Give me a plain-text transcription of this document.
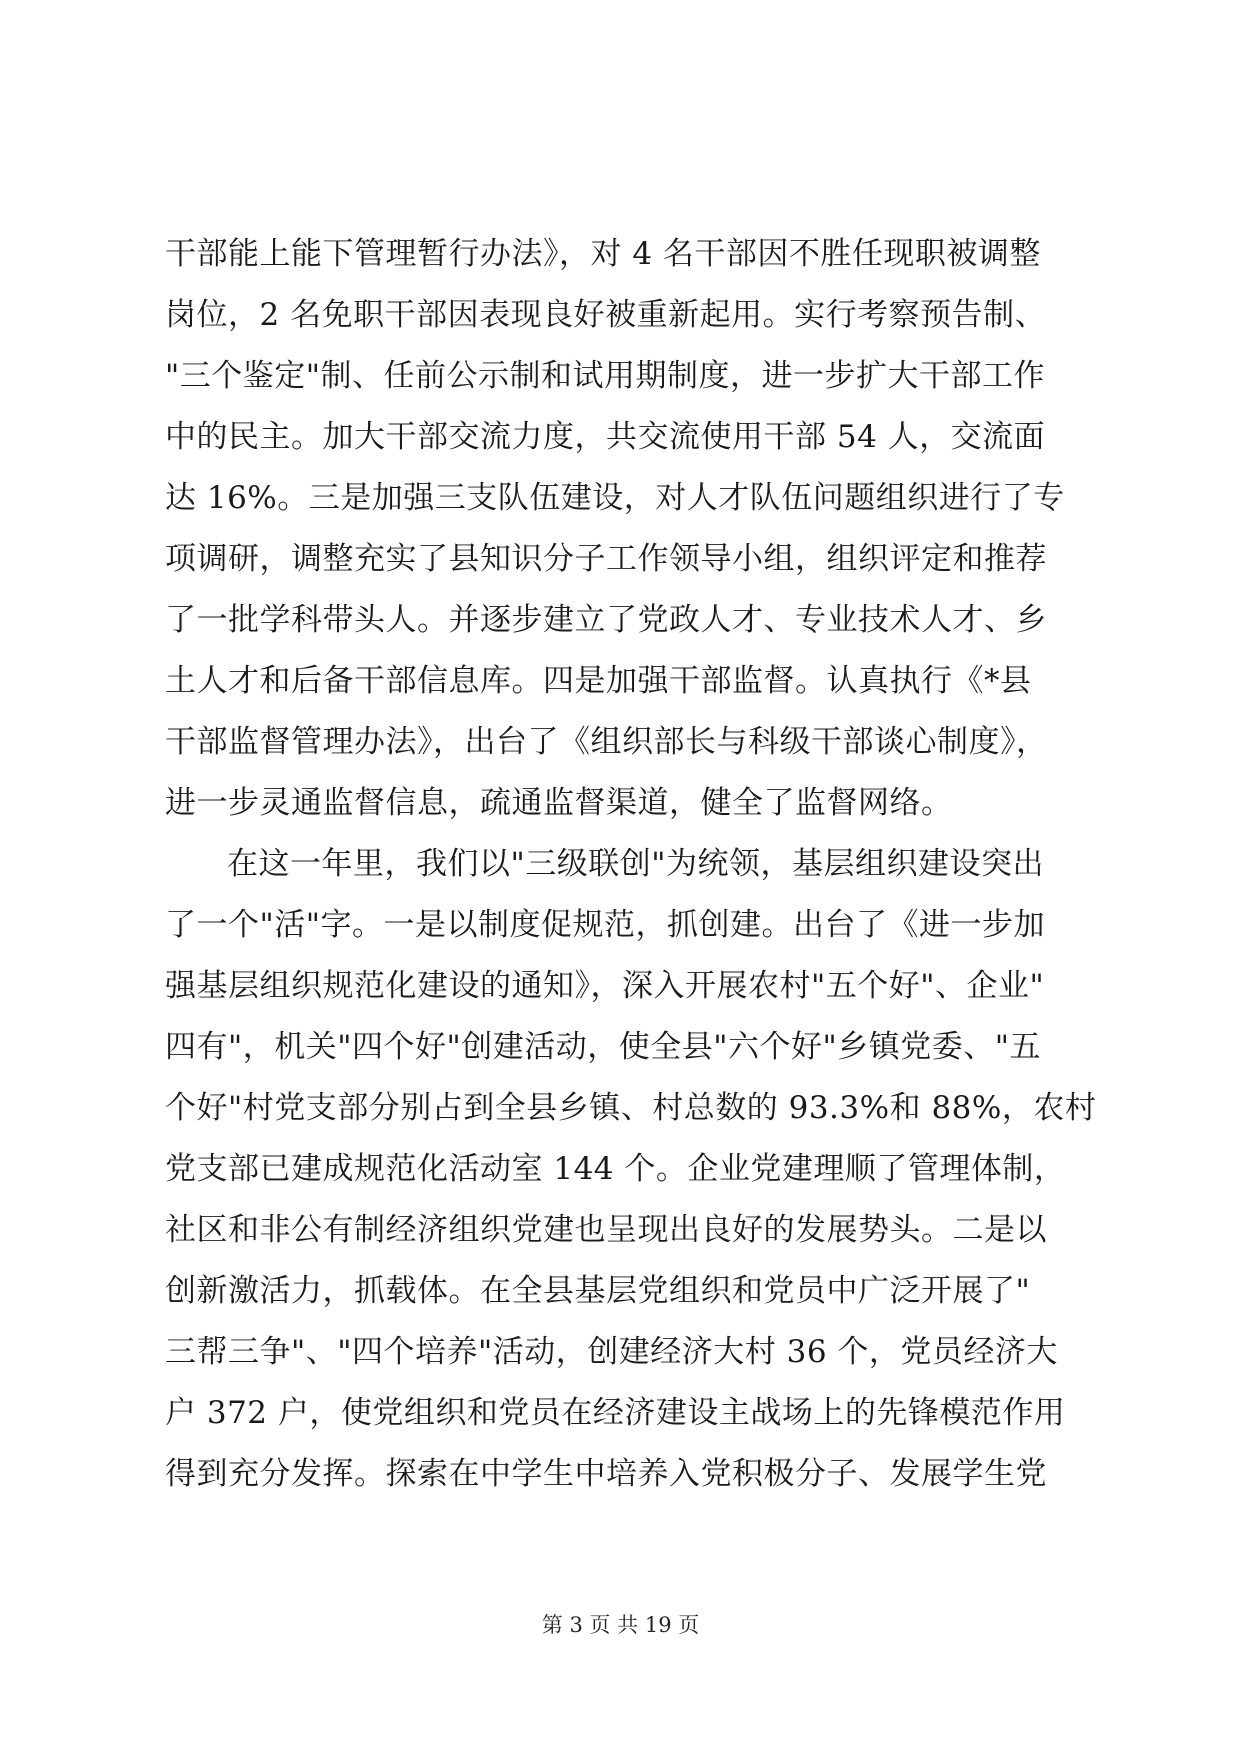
干部能上能下管理暂行办法》，对 4 名干部因不胜任现职被调整
岗位，2 名免职干部因表现良好被重新起用。实行考察预告制、
"三个鉴定"制、任前公示制和试用期制度，进一步扩大干部工作
中的民主。加大干部交流力度，共交流使用干部 54 人，交流面
达 16%。三是加强三支队伍建设，对人才队伍问题组织进行了专
项调研，调整充实了县知识分子工作领导小组，组织评定和推荐
了一批学科带头人。并逐步建立了党政人才、专业技术人才、乡
土人才和后备干部信息库。四是加强干部监督。认真执行《*县
干部监督管理办法》，出台了《组织部长与科级干部谈心制度》，
进一步灵通监督信息，疏通监督渠道，健全了监督网络。
在这一年里，我们以"三级联创"为统领，基层组织建设突出
了一个"活"字。一是以制度促规范，抓创建。出台了《进一步加
强基层组织规范化建设的通知》，深入开展农村"五个好"、企业"
四有"，机关"四个好"创建活动，使全县"六个好"乡镇党委、"五
个好"村党支部分别占到全县乡镇、村总数的 93.3%和 88%，农村
党支部已建成规范化活动室 144 个。企业党建理顺了管理体制，
社区和非公有制经济组织党建也呈现出良好的发展势头。二是以
创新激活力，抓载体。在全县基层党组织和党员中广泛开展了"
三帮三争"、"四个培养"活动，创建经济大村 36 个，党员经济大
户 372 户，使党组织和党员在经济建设主战场上的先锋模范作用
得到充分发挥。探索在中学生中培养入党积极分子、发展学生党
第 3 页 共 19 页
